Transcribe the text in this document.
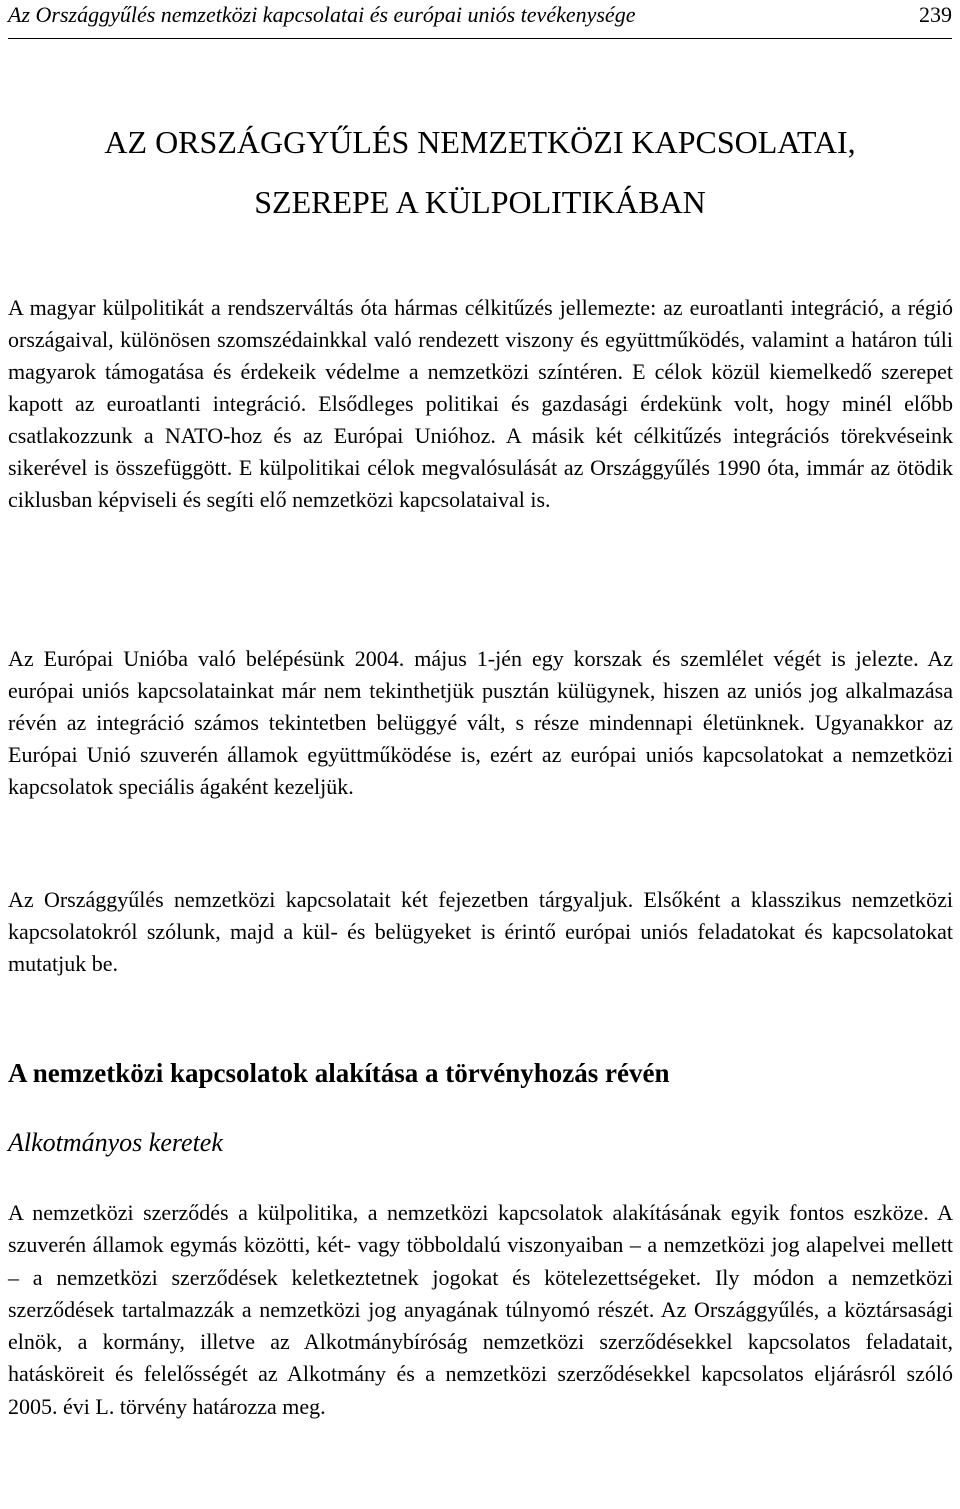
Az Országgyűlés nemzetközi kapcsolatai és európai uniós tevékenysége	239
AZ ORSZÁGGYŰLÉS NEMZETKÖZI KAPCSOLATAI,
SZEREPE A KÜLPOLITIKÁBAN

A magyar külpolitikát a rendszerváltás óta hármas célkitűzés jellemezte: az euroatlanti integráció, a régió országaival, különösen szomszédainkkal való rendezett viszony és együttműködés, valamint a határon túli magyarok támogatása és érdekeik védelme a nemzetközi színtéren. E célok közül kiemelkedő szerepet kapott az euroatlanti integráció. Elsődleges politikai és gazdasági érdekünk volt, hogy minél előbb csatlakozzunk a NATO-hoz és az Európai Unióhoz. A másik két célkitűzés integrációs törekvéseink sikerével is összefüggött. E külpolitikai célok megvalósulását az Országgyűlés 1990 óta, immár az ötödik ciklusban képviseli és segíti elő nemzetközi kapcsolataival is.

Az Európai Unióba való belépésünk 2004. május 1-jén egy korszak és szemlélet végét is jelezte. Az európai uniós kapcsolatainkat már nem tekinthetjük pusztán külügynek, hiszen az uniós jog alkalmazása révén az integráció számos tekintetben belüggyé vált, s része mindennapi életünknek. Ugyanakkor az Európai Unió szuverén államok együttműködése is, ezért az európai uniós kapcsolatokat a nemzetközi kapcsolatok speciális ágaként kezeljük.

Az Országgyűlés nemzetközi kapcsolatait két fejezetben tárgyaljuk. Elsőként a klasszikus nemzetközi kapcsolatokról szólunk, majd a kül- és belügyeket is érintő európai uniós feladatokat és kapcsolatokat mutatjuk be.

A nemzetközi kapcsolatok alakítása a törvényhozás révén
Alkotmányos keretek

A nemzetközi szerződés a külpolitika, a nemzetközi kapcsolatok alakításának egyik fontos eszköze. A szuverén államok egymás közötti, két- vagy többoldalú viszonyaiban – a nemzetközi jog alapelvei mellett – a nemzetközi szerződések keletkeztetnek jogokat és kötelezettségeket. Ily módon a nemzetközi szerződések tartalmazzák a nemzetközi jog anyagának túlnyomó részét. Az Országgyűlés, a köztársasági elnök, a kormány, illetve az Alkotmánybíróság nemzetközi szerződésekkel kapcsolatos feladatait, hatásköreit és felelősségét az Alkotmány és a nemzetközi szerződésekkel kapcsolatos eljárásról szóló 2005. évi L. törvény határozza meg.
